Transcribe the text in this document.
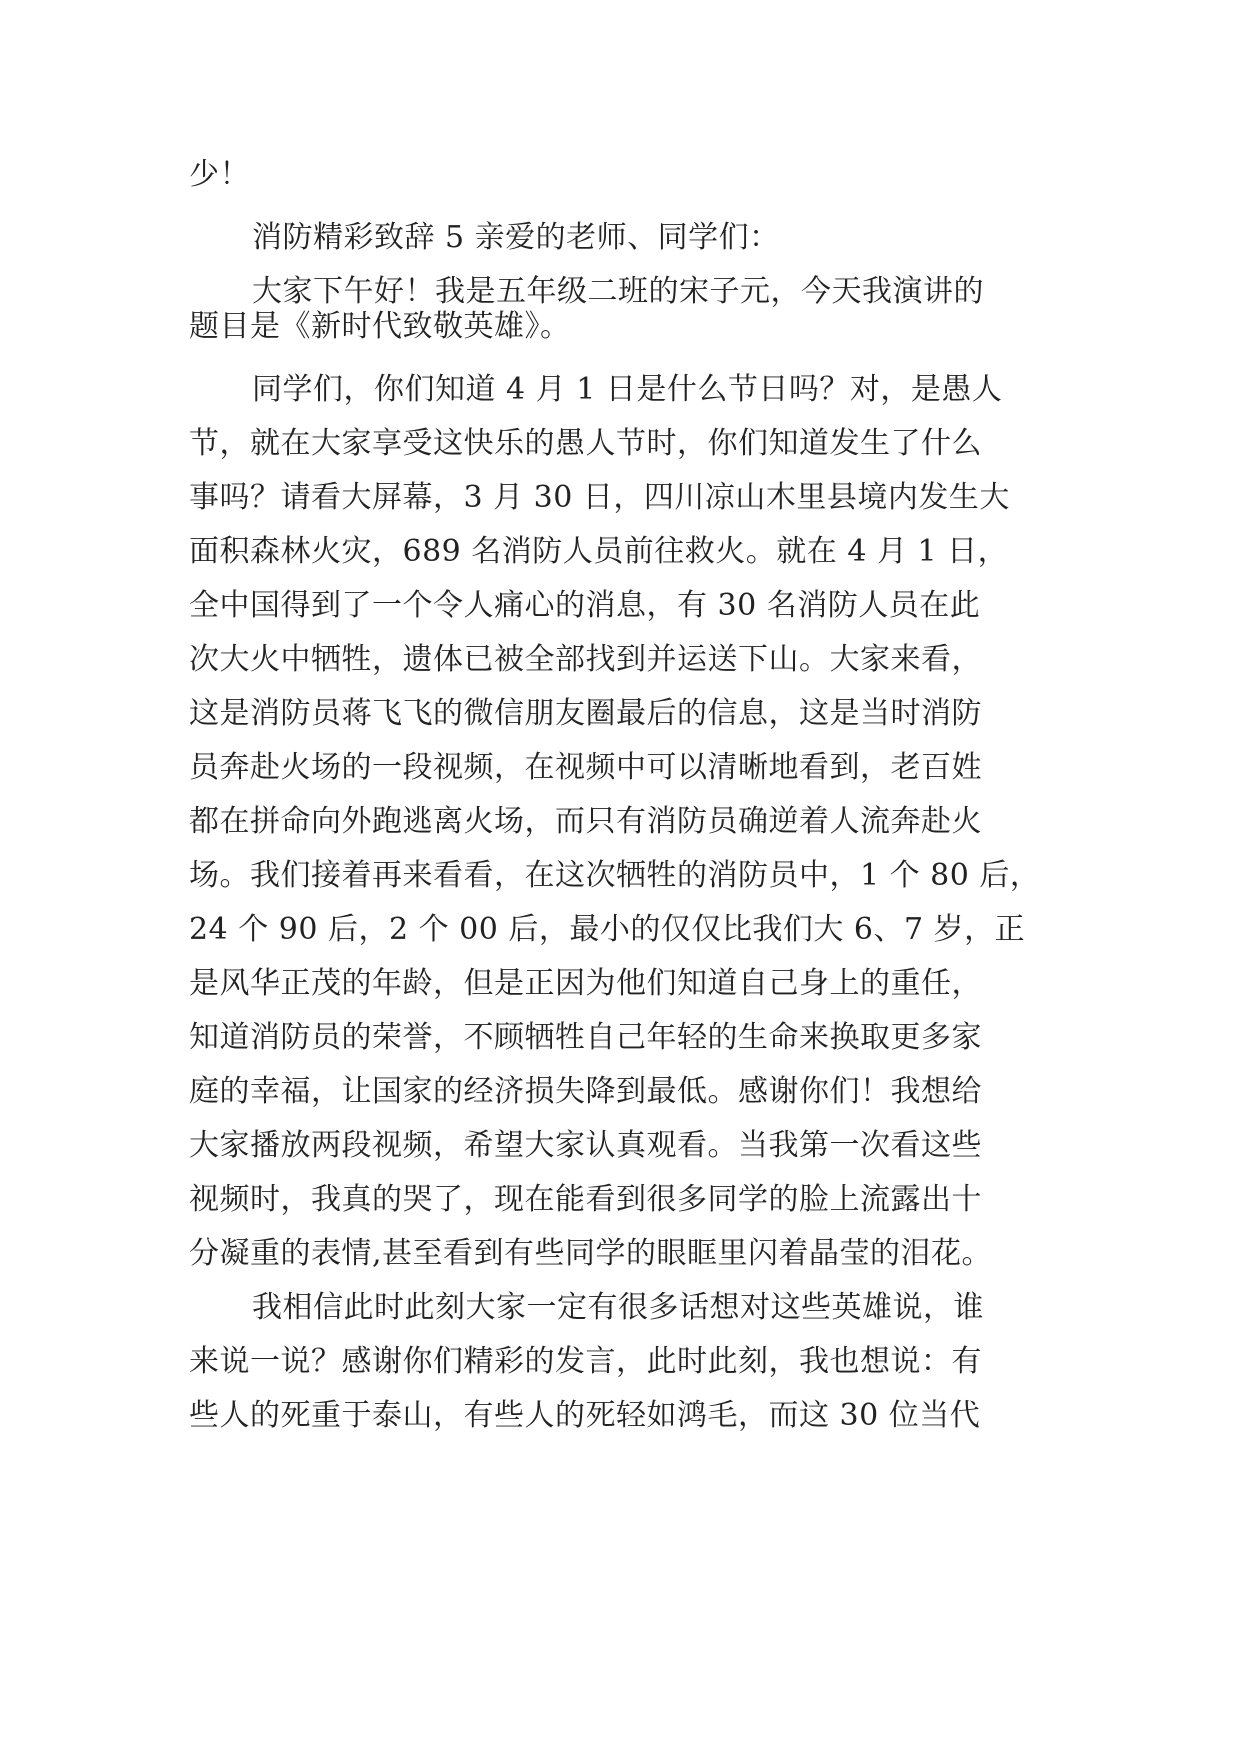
少！
消防精彩致辞 5 亲爱的老师、同学们：
大家下午好！我是五年级二班的宋子元，今天我演讲的
题目是《新时代致敬英雄》。
同学们，你们知道 4 月 1 日是什么节日吗？对，是愚人
节，就在大家享受这快乐的愚人节时，你们知道发生了什么
事吗？请看大屏幕，3 月 30 日，四川凉山木里县境内发生大
面积森林火灾，689 名消防人员前往救火。就在 4 月 1 日，
全中国得到了一个令人痛心的消息，有 30 名消防人员在此
次大火中牺牲，遗体已被全部找到并运送下山。大家来看，
这是消防员蒋飞飞的微信朋友圈最后的信息，这是当时消防
员奔赴火场的一段视频，在视频中可以清晰地看到，老百姓
都在拼命向外跑逃离火场，而只有消防员确逆着人流奔赴火
场。我们接着再来看看，在这次牺牲的消防员中，1 个 80 后，
24 个 90 后，2 个 00 后，最小的仅仅比我们大 6、7 岁，正
是风华正茂的年龄，但是正因为他们知道自己身上的重任，
知道消防员的荣誉，不顾牺牲自己年轻的生命来换取更多家
庭的幸福，让国家的经济损失降到最低。感谢你们！我想给
大家播放两段视频，希望大家认真观看。当我第一次看这些
视频时，我真的哭了，现在能看到很多同学的脸上流露出十
分凝重的表情,甚至看到有些同学的眼眶里闪着晶莹的泪花。
我相信此时此刻大家一定有很多话想对这些英雄说，谁
来说一说？感谢你们精彩的发言，此时此刻，我也想说：有
些人的死重于泰山，有些人的死轻如鸿毛，而这 30 位当代
